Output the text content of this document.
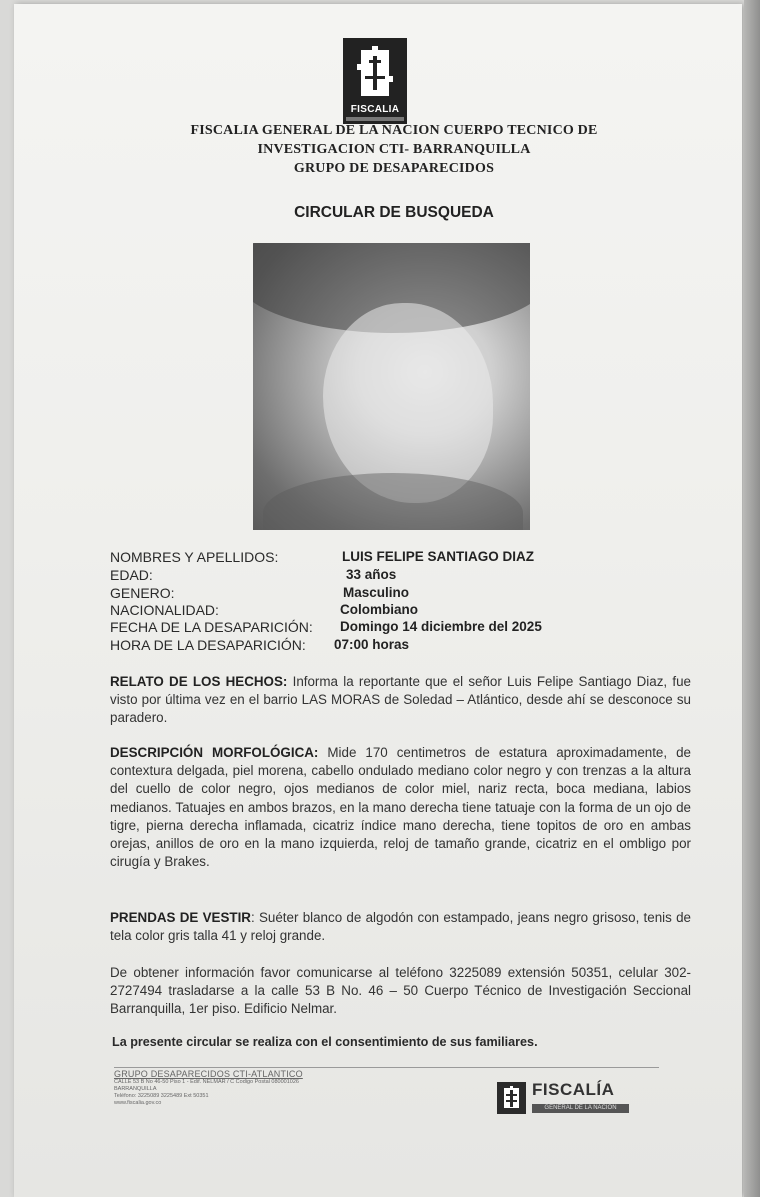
FISCALIA
FISCALIA GENERAL DE LA NACION CUERPO TECNICO DE
INVESTIGACION CTI- BARRANQUILLA
GRUPO DE DESAPARECIDOS
CIRCULAR DE BUSQUEDA
NOMBRES Y APELLIDOS:	LUIS FELIPE SANTIAGO DIAZ
EDAD:	33 años
GENERO:	Masculino
NACIONALIDAD:	Colombiano
FECHA DE LA DESAPARICIÓN: Domingo 14 diciembre del 2025
HORA DE LA DESAPARICIÓN: 07:00 horas
RELATO DE LOS HECHOS: Informa la reportante que el señor Luis Felipe Santiago Diaz, fue visto por última vez en el barrio LAS MORAS de Soledad – Atlántico, desde ahí se desconoce su paradero.
DESCRIPCIÓN MORFOLÓGICA: Mide 170 centimetros de estatura aproximadamente, de contextura delgada, piel morena, cabello ondulado mediano color negro y con trenzas a la altura del cuello de color negro, ojos medianos de color miel, nariz recta, boca mediana, labios medianos. Tatuajes en ambos brazos, en la mano derecha tiene tatuaje con la forma de un ojo de tigre, pierna derecha inflamada, cicatriz índice mano derecha, tiene topitos de oro en ambas orejas, anillos de oro en la mano izquierda, reloj de tamaño grande, cicatriz en el ombligo por cirugía y Brakes.
PRENDAS DE VESTIR: Suéter blanco de algodón con estampado, jeans negro grisoso, tenis de tela color gris talla 41 y reloj grande.
De obtener información favor comunicarse al teléfono 3225089 extensión 50351, celular 302-2727494 trasladarse a la calle 53 B No. 46 – 50 Cuerpo Técnico de Investigación Seccional Barranquilla, 1er piso. Edificio Nelmar.
La presente circular se realiza con el consentimiento de sus familiares.
GRUPO DESAPARECIDOS CTI-ATLANTICO
CALLE 53 B No 46-50 Piso 1 - Edif. NELMAR / C Codigo Postal 080001026
BARRANQUILLA
Teléfono: 3225089 3225489 Ext 50351
www.fiscalia.gov.co
FISCALÍA
GENERAL DE LA NACIÓN
